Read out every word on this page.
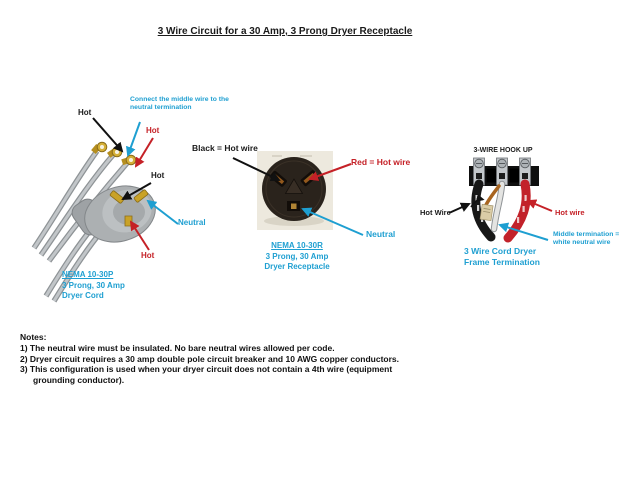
3 Wire Circuit for a 30 Amp, 3 Prong Dryer Receptacle
Hot
Connect the middle wire to the neutral termination
Hot
Hot
Neutral
Hot
NEMA 10-30P
3 Prong, 30 Amp
Dryer Cord
Black = Hot wire
Red = Hot wire
Neutral
NEMA 10-30R
3 Prong, 30 Amp
Dryer Receptacle
3-WIRE HOOK UP
Hot Wire	Hot wire
Middle termination = white neutral wire
3 Wire Cord Dryer
Frame Termination
Notes:
1) The neutral wire must be insulated. No bare neutral wires allowed per code.
2) Dryer circuit requires a 30 amp double pole circuit breaker and 10 AWG copper conductors.
3) This configuration is used when your dryer circuit does not contain a 4th wire (equipment grounding conductor).
